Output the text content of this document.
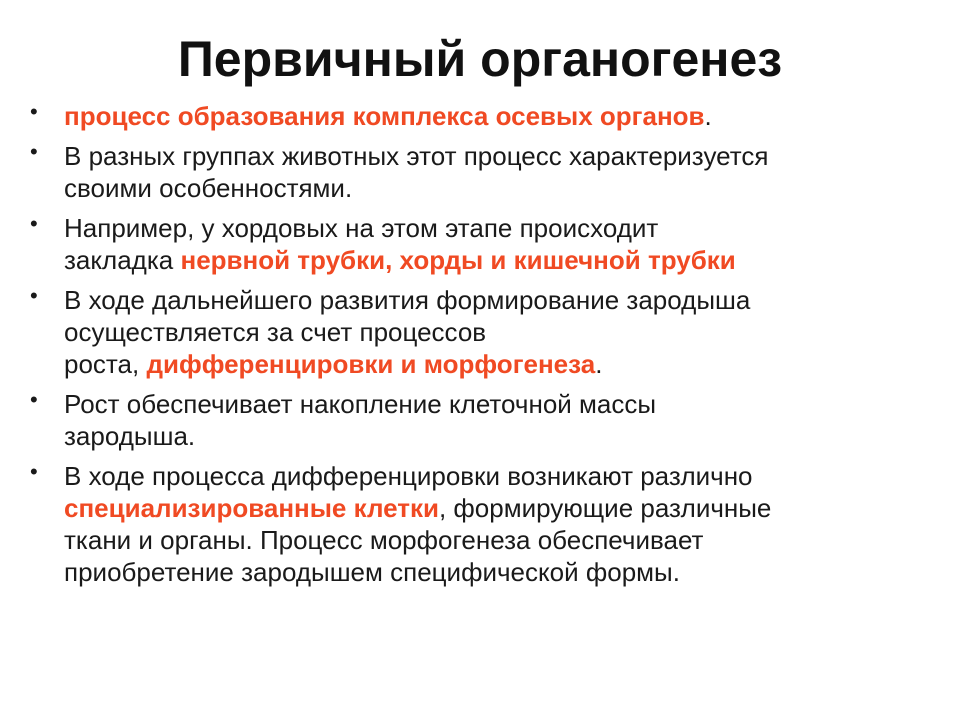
Первичный органогенез
• процесс образования комплекса осевых органов.
• В разных группах животных этот процесс характеризуется
своими особенностями.
• Например, у хордовых на этом этапе происходит
закладка нервной трубки, хорды и кишечной трубки
• В ходе дальнейшего развития формирование зародыша
осуществляется за счет процессов
роста, дифференцировки и морфогенеза.
• Рост обеспечивает накопление клеточной массы
зародыша.
• В ходе процесса дифференцировки возникают различно
специализированные клетки, формирующие различные
ткани и органы. Процесс морфогенеза обеспечивает
приобретение зародышем специфической формы.
